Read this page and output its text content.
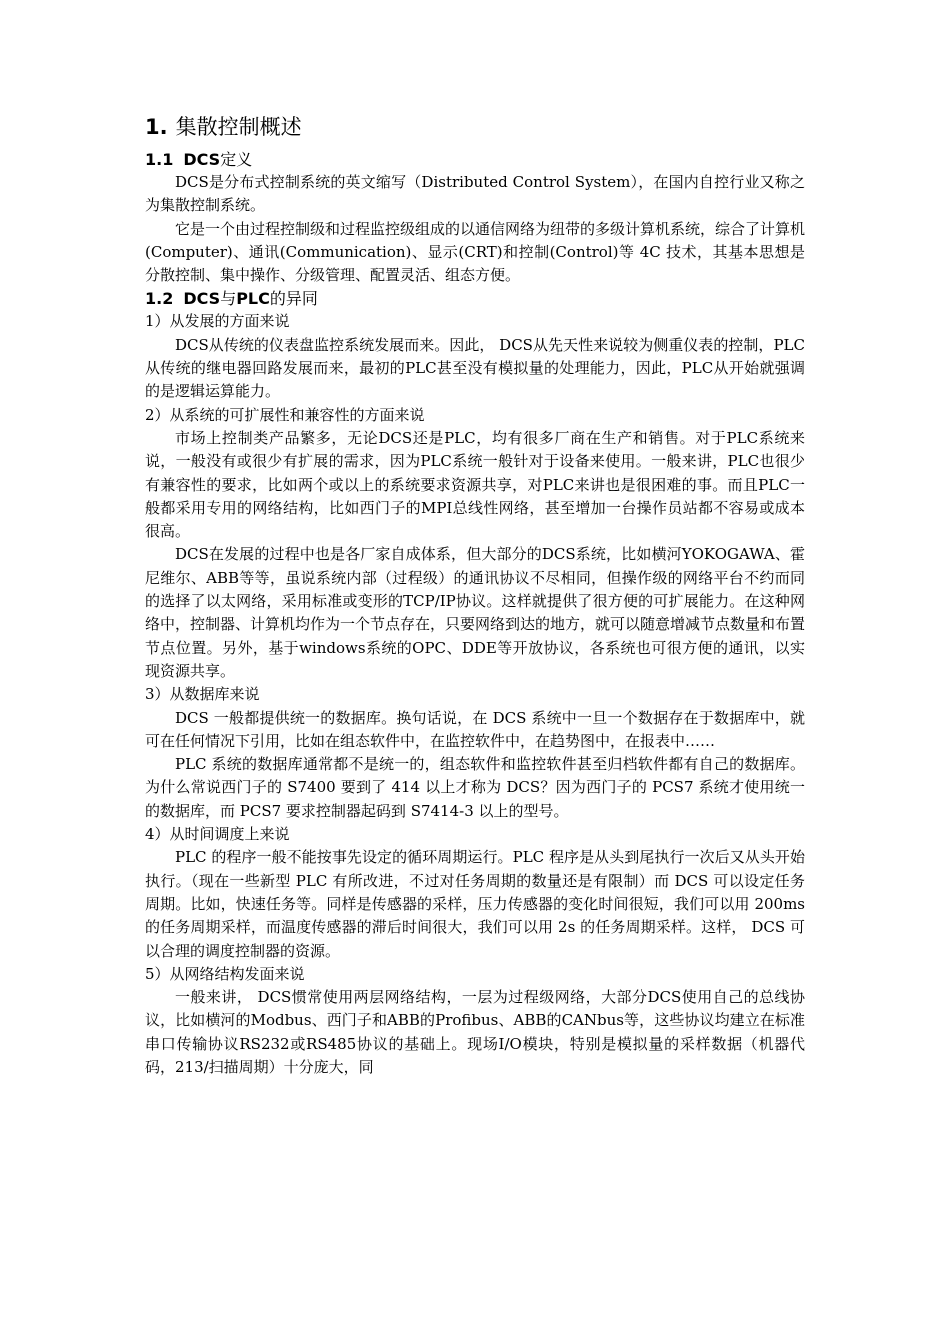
1. 集散控制概述
1.1 DCS定义

DCS是分布式控制系统的英文缩写（Distributed Control System），在国内自控行业又称之为集散控制系统。

它是一个由过程控制级和过程监控级组成的以通信网络为纽带的多级计算机系统，综合了计算机(Computer)、通讯(Communication)、显示(CRT)和控制(Control)等 4C 技术，其基本思想是分散控制、集中操作、分级管理、配置灵活、组态方便。

1.2 DCS与PLC的异同

1）从发展的方面来说

DCS从传统的仪表盘监控系统发展而来。因此， DCS从先天性来说较为侧重仪表的控制，PLC从传统的继电器回路发展而来，最初的PLC甚至没有模拟量的处理能力，因此，PLC从开始就强调的是逻辑运算能力。

2）从系统的可扩展性和兼容性的方面来说

市场上控制类产品繁多，无论DCS还是PLC，均有很多厂商在生产和销售。对于PLC系统来说，一般没有或很少有扩展的需求，因为PLC系统一般针对于设备来使用。一般来讲，PLC也很少有兼容性的要求，比如两个或以上的系统要求资源共享，对PLC来讲也是很困难的事。而且PLC一般都采用专用的网络结构，比如西门子的MPI总线性网络，甚至增加一台操作员站都不容易或成本很高。

DCS在发展的过程中也是各厂家自成体系，但大部分的DCS系统，比如横河YOKOGAWA、霍尼维尔、ABB等等，虽说系统内部（过程级）的通讯协议不尽相同，但操作级的网络平台不约而同的选择了以太网络，采用标准或变形的TCP/IP协议。这样就提供了很方便的可扩展能力。在这种网络中，控制器、计算机均作为一个节点存在，只要网络到达的地方，就可以随意增减节点数量和布置节点位置。另外，基于windows系统的OPC、DDE等开放协议，各系统也可很方便的通讯，以实现资源共享。

3）从数据库来说

DCS 一般都提供统一的数据库。换句话说，在 DCS 系统中一旦一个数据存在于数据库中，就可在任何情况下引用，比如在组态软件中，在监控软件中，在趋势图中，在报表中……

PLC 系统的数据库通常都不是统一的，组态软件和监控软件甚至归档软件都有自己的数据库。为什么常说西门子的 S7400 要到了 414 以上才称为 DCS？因为西门子的 PCS7 系统才使用统一的数据库，而 PCS7 要求控制器起码到 S7414-3 以上的型号。

4）从时间调度上来说

PLC 的程序一般不能按事先设定的循环周期运行。PLC 程序是从头到尾执行一次后又从头开始执行。（现在一些新型 PLC 有所改进，不过对任务周期的数量还是有限制）而 DCS 可以设定任务周期。比如，快速任务等。同样是传感器的采样，压力传感器的变化时间很短，我们可以用 200ms 的任务周期采样，而温度传感器的滞后时间很大，我们可以用 2s 的任务周期采样。这样， DCS 可以合理的调度控制器的资源。

5）从网络结构发面来说

一般来讲， DCS惯常使用两层网络结构，一层为过程级网络，大部分DCS使用自己的总线协议，比如横河的Modbus、西门子和ABB的Profibus、ABB的CANbus等，这些协议均建立在标准串口传输协议RS232或RS485协议的基础上。现场I/O模块，特别是模拟量的采样数据（机器代码，213/扫描周期）十分庞大，同
